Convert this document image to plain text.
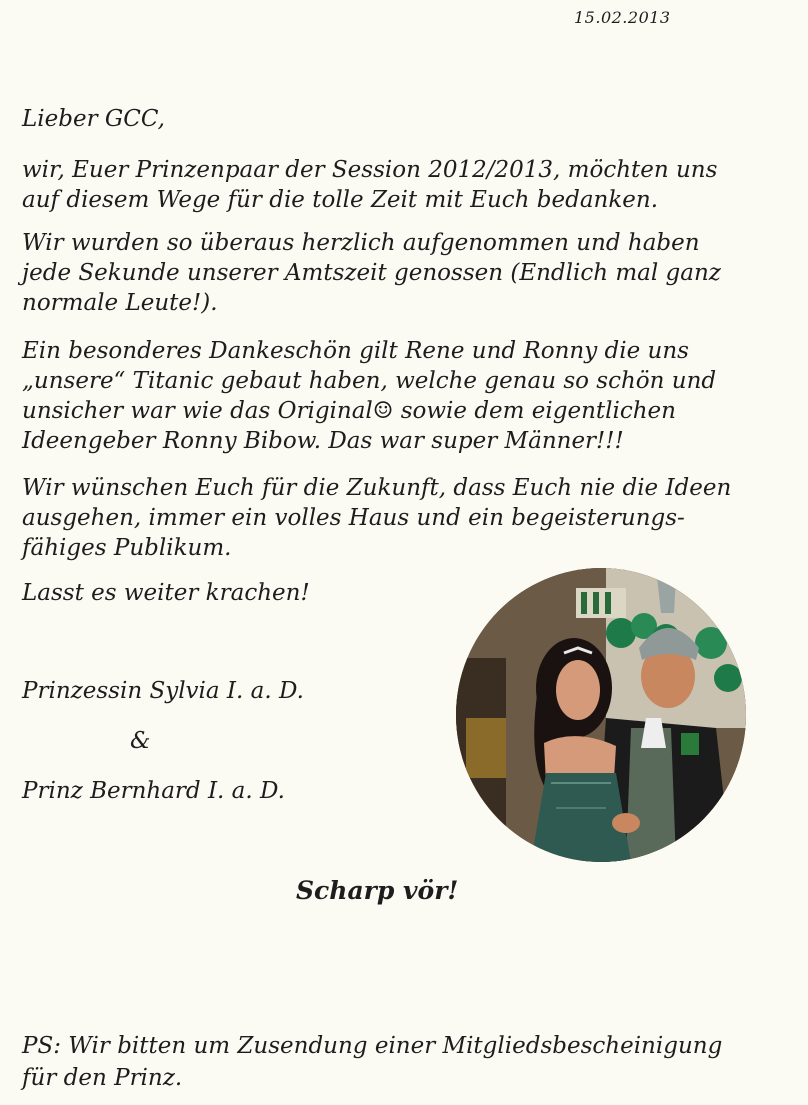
15.02.2013
Lieber GCC,
wir, Euer Prinzenpaar der Session 2012/2013, möchten uns
auf diesem Wege für die tolle Zeit mit Euch bedanken.
Wir wurden so überaus herzlich aufgenommen und haben
jede Sekunde unserer Amtszeit genossen (Endlich mal ganz
normale Leute!).
Ein besonderes Dankeschön gilt Rene und Ronny die uns
„unsere“ Titanic gebaut haben, welche genau so schön und
unsicher war wie das Original☺ sowie dem eigentlichen
Ideengeber Ronny Bibow. Das war super Männer!!!
Wir wünschen Euch für die Zukunft, dass Euch nie die Ideen
ausgehen, immer ein volles Haus und ein begeisterungs-
fähiges Publikum.
Lasst es weiter krachen!
Prinzessin Sylvia I. a. D.
&
Prinz Bernhard I. a. D.
Scharp vör!
PS: Wir bitten um Zusendung einer Mitgliedsbescheinigung
für den Prinz.
